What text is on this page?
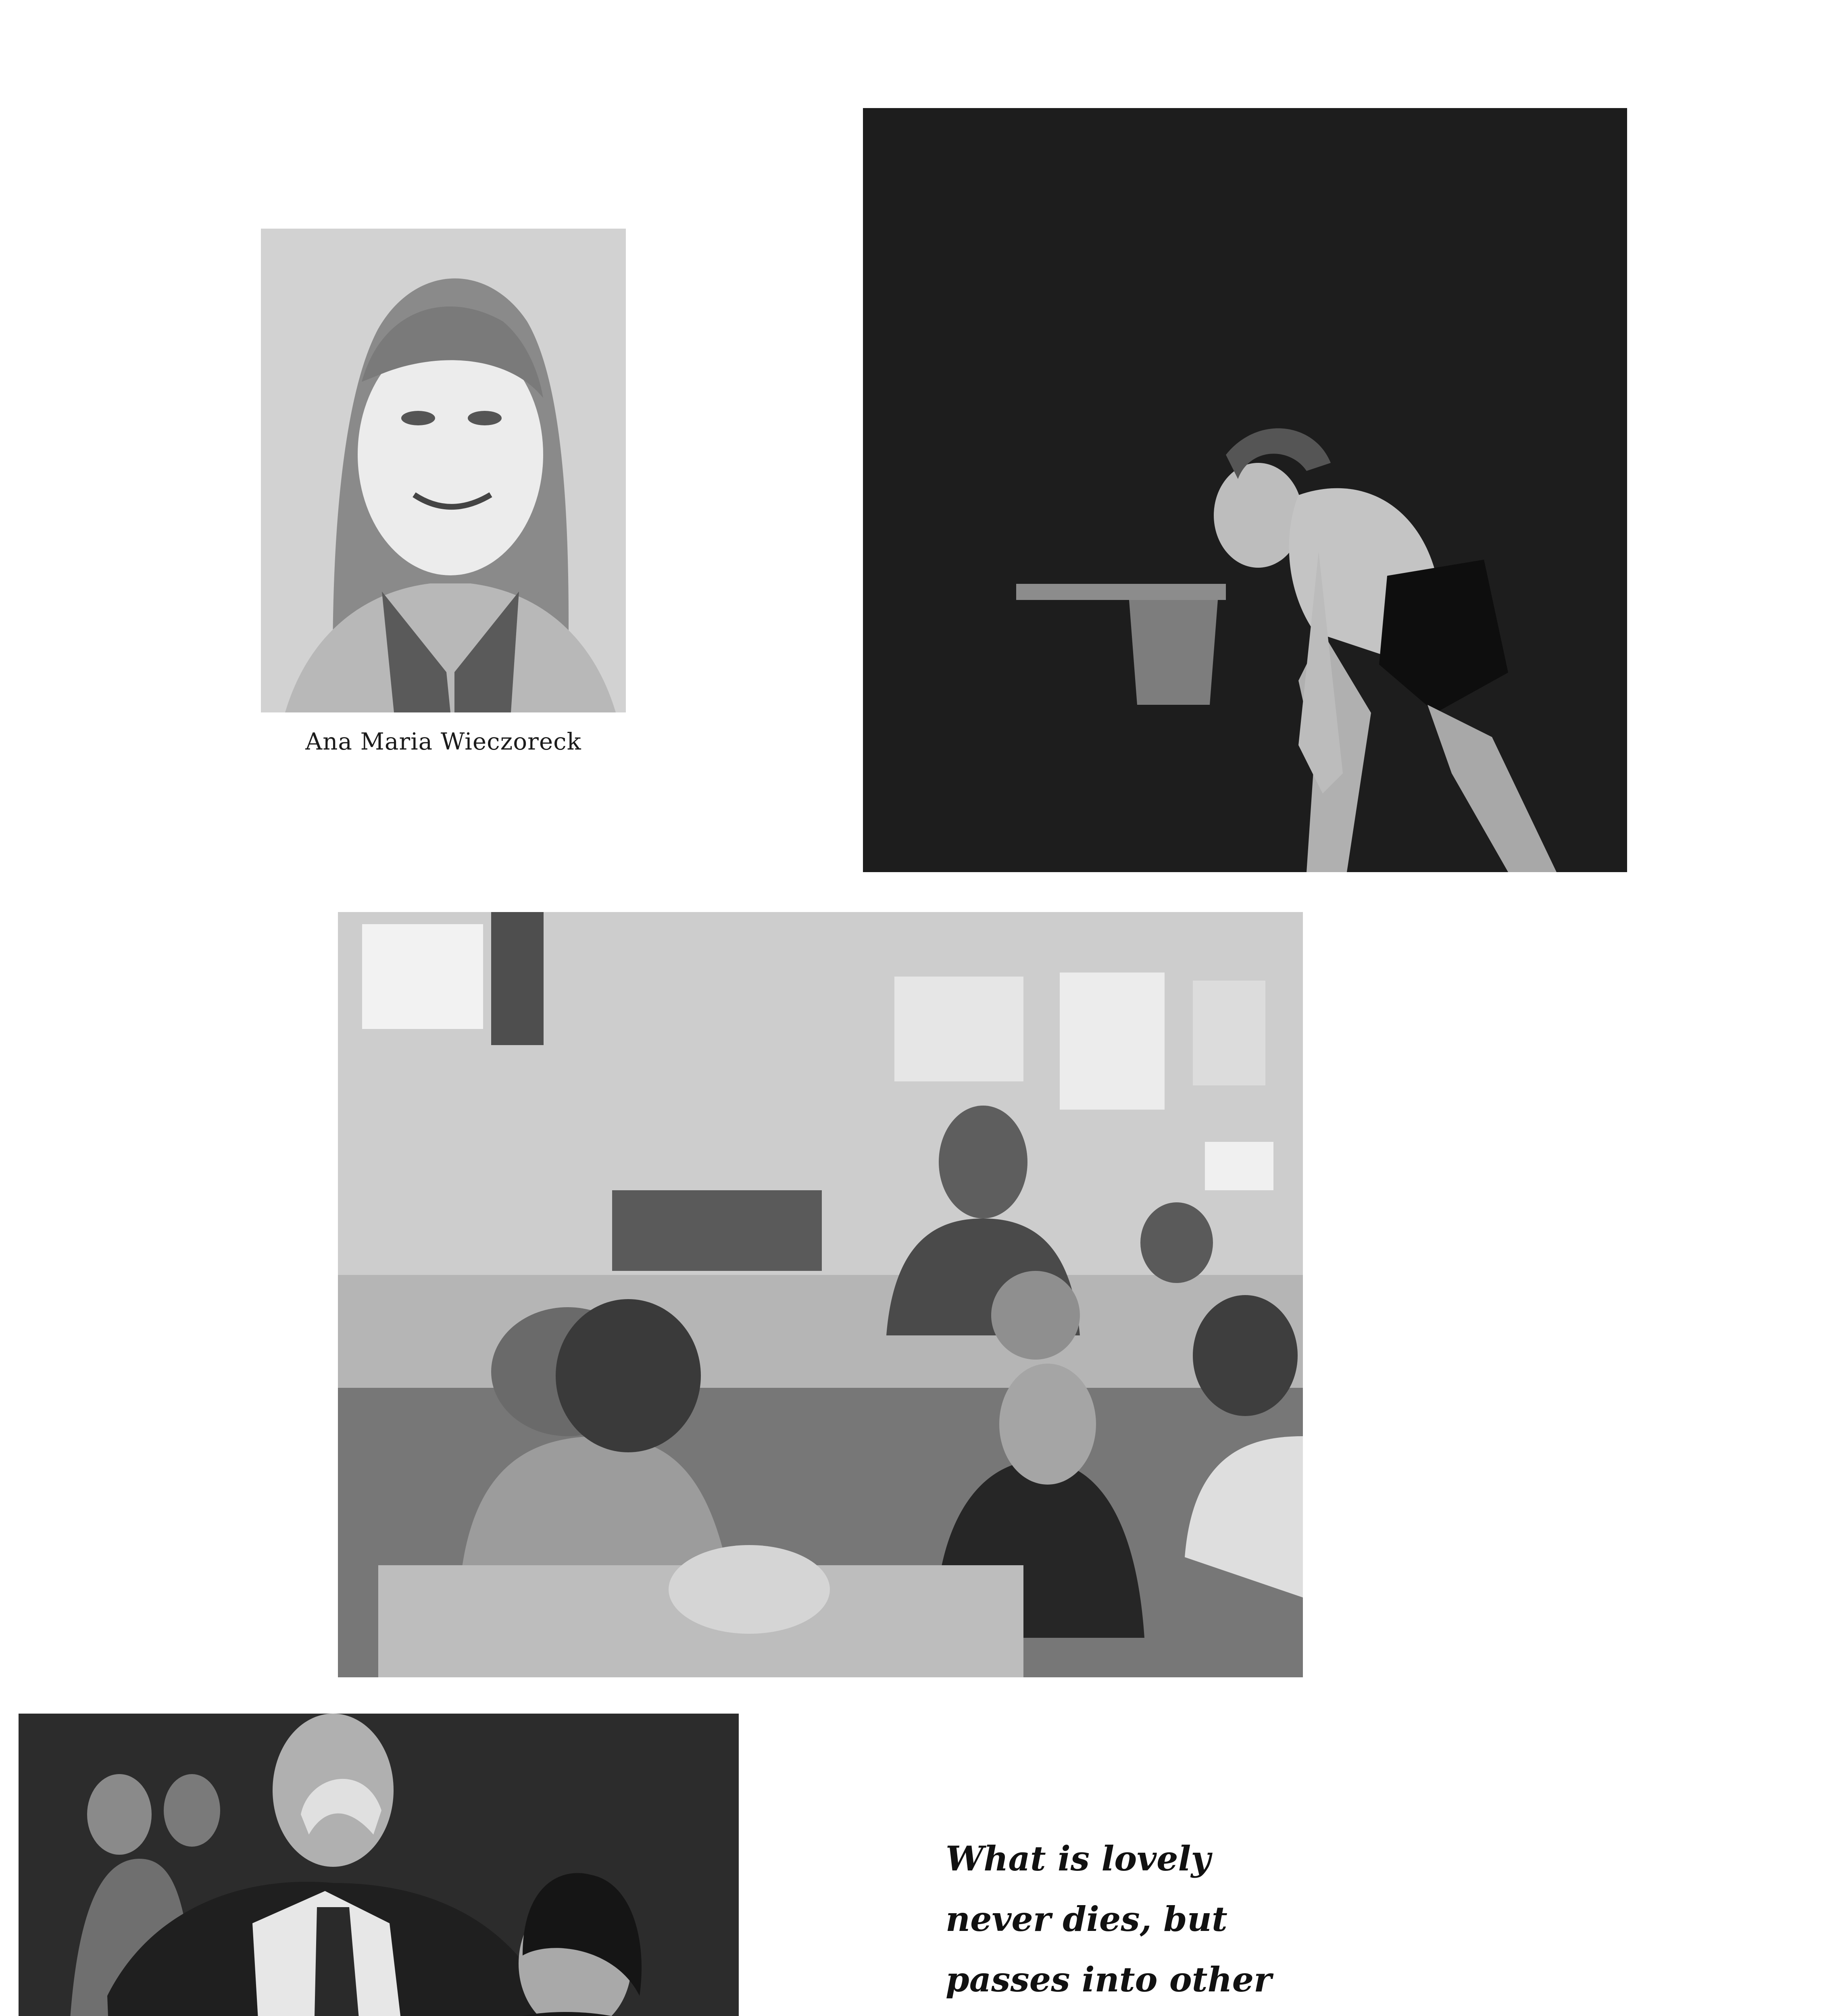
Ana Maria Wieczoreck
What is lovely
never dies, but
passes into other
